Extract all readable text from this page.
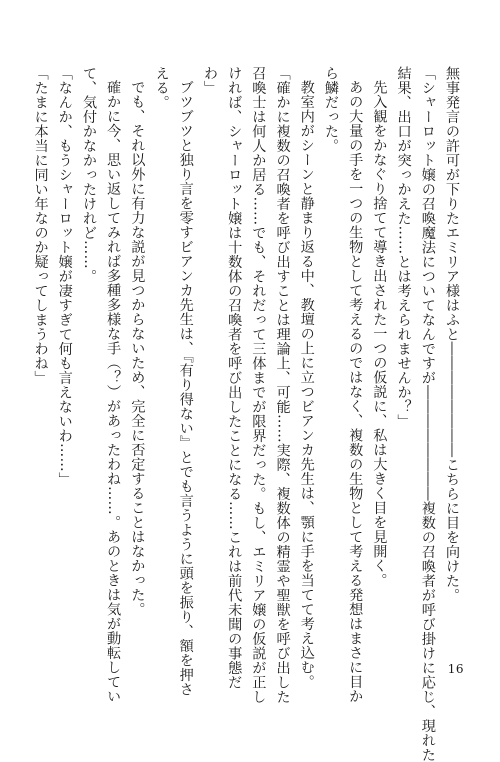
無事発言の許可が下りたエミリア様はふと――――――――こちらに目を向けた。

「シャーロット嬢の召喚魔法についてなんですが――――――――複数の召喚者が呼び掛けに応じ、現れた

結果、出口が突っかえた……とは考えられませんか？」

先入観をかなぐり捨てて導き出された一つの仮説に、私は大きく目を見開く。

あの大量の手を一つの生物として考えるのではなく、複数の生物として考える発想はまさに目か

ら鱗だった。

教室内がシーンと静まり返る中、教壇の上に立つビアンカ先生は、顎に手を当てて考え込む。

「確かに複数の召喚者を呼び出すことは理論上、可能……実際、複数体の精霊や聖獣を呼び出した

召喚士は何人か居る……でも、それだって三体までが限界だった。もし、エミリア嬢の仮説が正し

ければ、シャーロット嬢は十数体の召喚者を呼び出したことになる……これは前代未聞の事態だ

わ」

ブツブツと独り言を零すビアンカ先生は、『有り得ない』とでも言うように頭を振り、額を押さ

える。

でも、それ以外に有力な説が見つからないため、完全に否定することはなかった。

確かに今、思い返してみれば多種多様な手（？）があったわね……。あのときは気が動転してい

て、気付かなかったけれど……。

「なんか、もうシャーロット嬢が凄すぎて何も言えないわ……」

「たまに本当に同い年なのか疑ってしまうわね」

16
